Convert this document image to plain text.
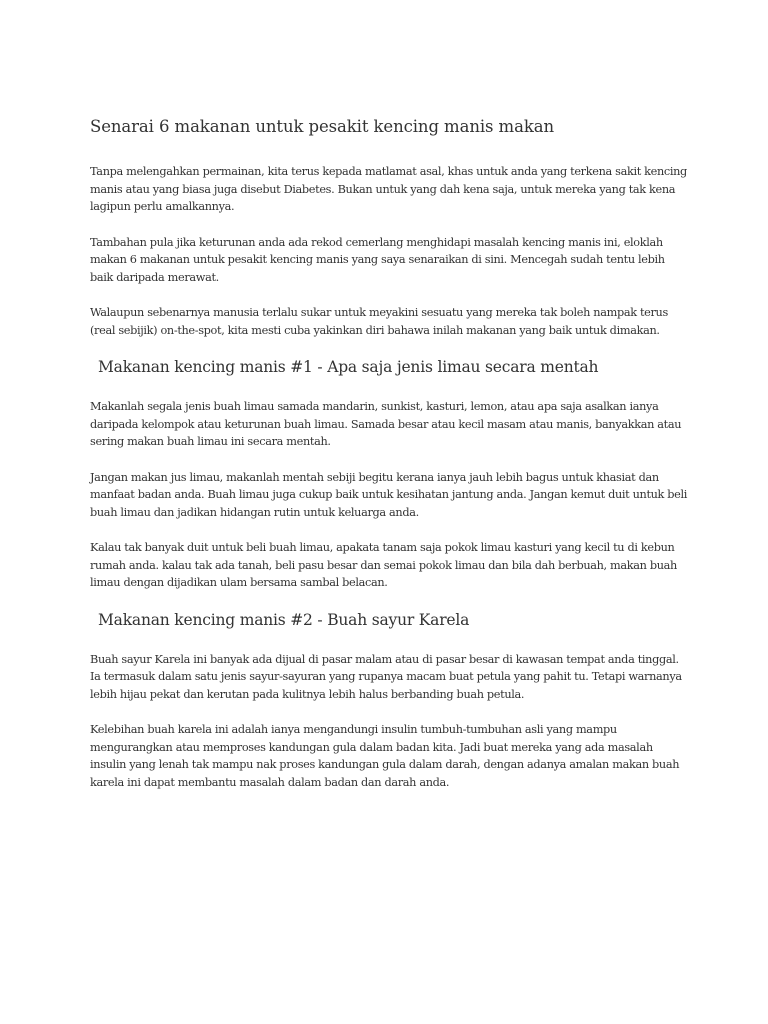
Senarai 6 makanan untuk pesakit kencing manis makan

Tanpa melengahkan permainan, kita terus kepada matlamat asal, khas untuk anda yang terkena sakit kencing manis atau yang biasa juga disebut Diabetes. Bukan untuk yang dah kena saja, untuk mereka yang tak kena lagipun perlu amalkannya.

Tambahan pula jika keturunan anda ada rekod cemerlang menghidapi masalah kencing manis ini, eloklah makan 6 makanan untuk pesakit kencing manis yang saya senaraikan di sini. Mencegah sudah tentu lebih baik daripada merawat.

Walaupun sebenarnya manusia terlalu sukar untuk meyakini sesuatu yang mereka tak boleh nampak terus (real sebijik) on-the-spot, kita mesti cuba yakinkan diri bahawa inilah makanan yang baik untuk dimakan.

Makanan kencing manis #1 - Apa saja jenis limau secara mentah

Makanlah segala jenis buah limau samada mandarin, sunkist, kasturi, lemon, atau apa saja asalkan ianya daripada kelompok atau keturunan buah limau. Samada besar atau kecil masam atau manis, banyakkan atau sering makan buah limau ini secara mentah.

Jangan makan jus limau, makanlah mentah sebiji begitu kerana ianya jauh lebih bagus untuk khasiat dan manfaat badan anda. Buah limau juga cukup baik untuk kesihatan jantung anda. Jangan kemut duit untuk beli buah limau dan jadikan hidangan rutin untuk keluarga anda.

Kalau tak banyak duit untuk beli buah limau, apakata tanam saja pokok limau kasturi yang kecil tu di kebun rumah anda. kalau tak ada tanah, beli pasu besar dan semai pokok limau dan bila dah berbuah, makan buah limau dengan dijadikan ulam bersama sambal belacan.

Makanan kencing manis #2 - Buah sayur Karela

Buah sayur Karela ini banyak ada dijual di pasar malam atau di pasar besar di kawasan tempat anda tinggal. Ia termasuk dalam satu jenis sayur-sayuran yang rupanya macam buat petula yang pahit tu. Tetapi warnanya lebih hijau pekat dan kerutan pada kulitnya lebih halus berbanding buah petula.

Kelebihan buah karela ini adalah ianya mengandungi insulin tumbuh-tumbuhan asli yang mampu mengurangkan atau memproses kandungan gula dalam badan kita. Jadi buat mereka yang ada masalah insulin yang lenah tak mampu nak proses kandungan gula dalam darah, dengan adanya amalan makan buah karela ini dapat membantu masalah dalam badan dan darah anda.
